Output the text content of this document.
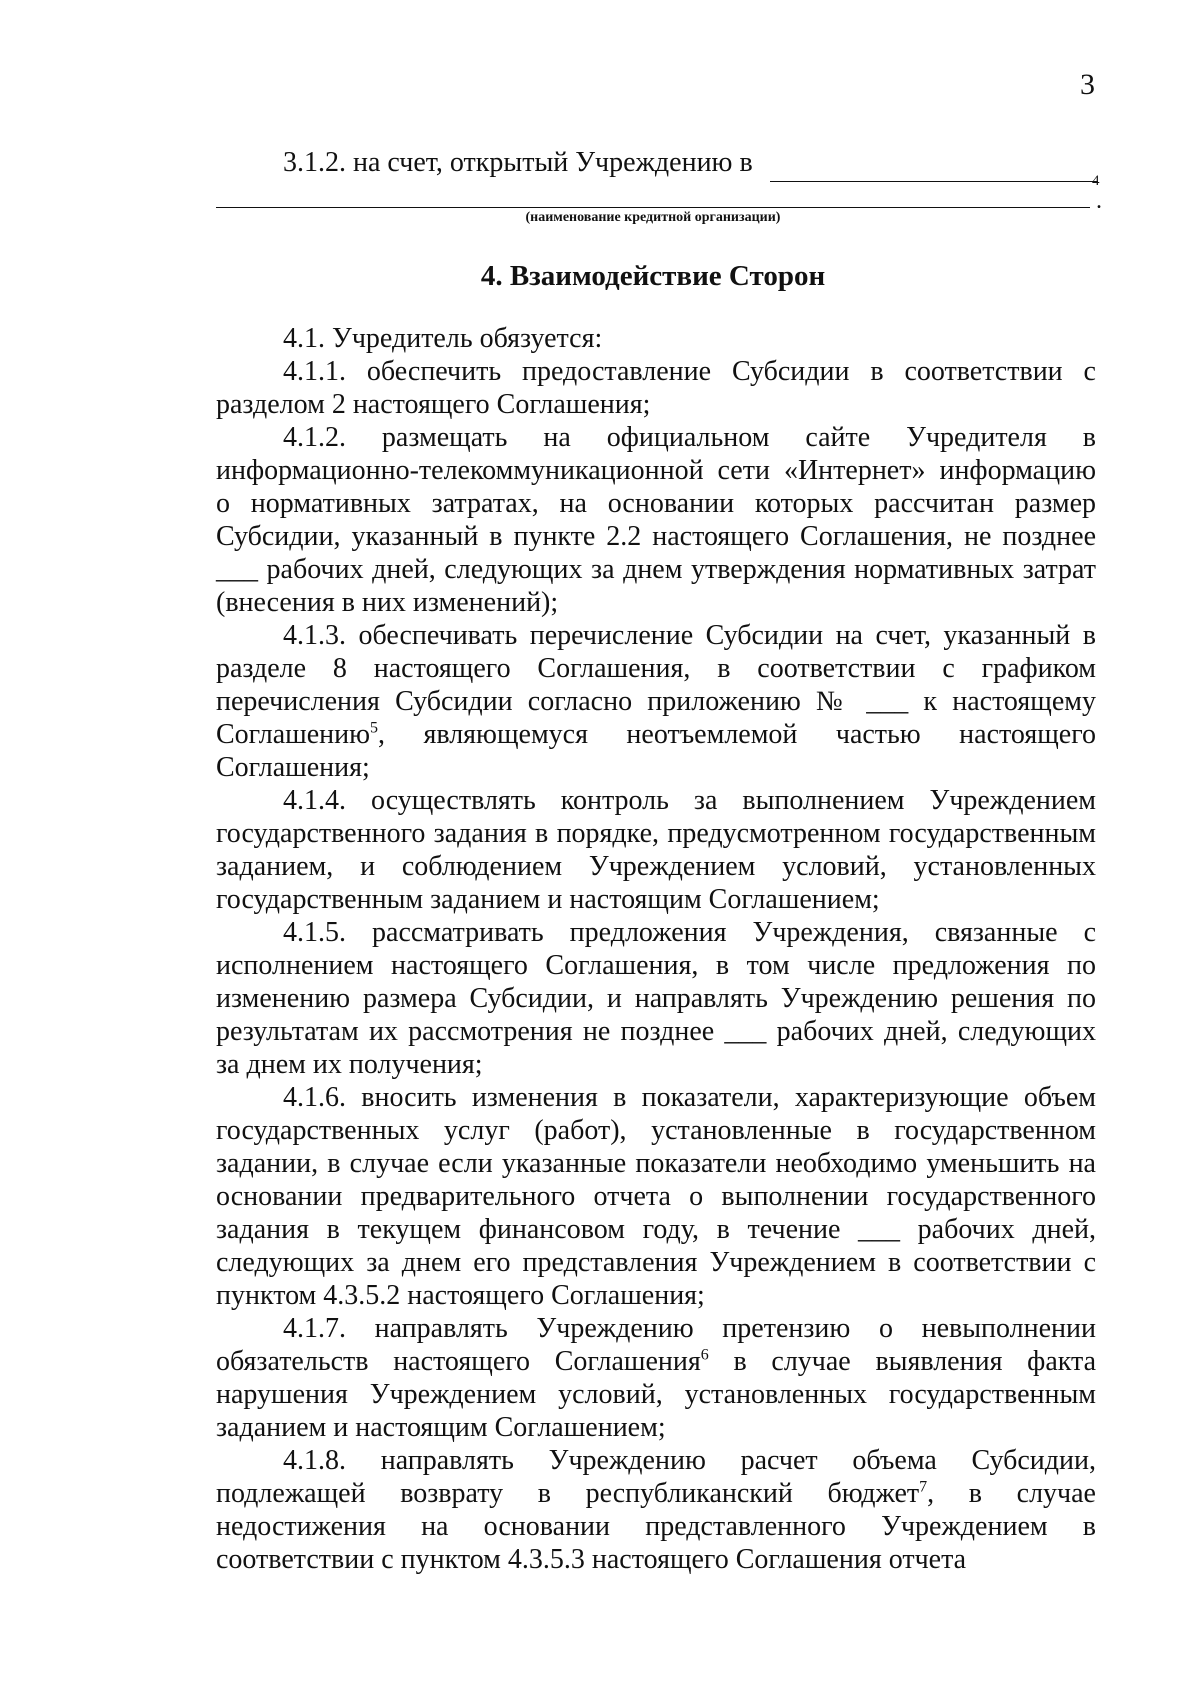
3
3.1.2. на счет, открытый Учреждению в
4
.
(наименование кредитной организации)
4. Взаимодействие Сторон

4.1. Учредитель обязуется:

4.1.1. обеспечить предоставление Субсидии в соответствии с разделом 2 настоящего Соглашения;

4.1.2. размещать на официальном сайте Учредителя в информационно-телекоммуникационной сети «Интернет» информацию о нормативных затратах, на основании которых рассчитан размер Субсидии, указанный в пункте 2.2 настоящего Соглашения, не позднее ___ рабочих дней, следующих за днем утверждения нормативных затрат (внесения в них изменений);

4.1.3. обеспечивать перечисление Субсидии на счет, указанный в разделе 8 настоящего Соглашения, в соответствии с графиком перечисления Субсидии согласно приложению № ___ к настоящему Соглашению$^5$, являющемуся неотъемлемой частью настоящего Соглашения;

4.1.4. осуществлять контроль за выполнением Учреждением государственного задания в порядке, предусмотренном государственным заданием, и соблюдением Учреждением условий, установленных государственным заданием и настоящим Соглашением;

4.1.5. рассматривать предложения Учреждения, связанные с исполнением настоящего Соглашения, в том числе предложения по изменению размера Субсидии, и направлять Учреждению решения по результатам их рассмотрения не позднее ___ рабочих дней, следующих за днем их получения;

4.1.6. вносить изменения в показатели, характеризующие объем государственных услуг (работ), установленные в государственном задании, в случае если указанные показатели необходимо уменьшить на основании предварительного отчета о выполнении государственного задания в текущем финансовом году, в течение ___ рабочих дней, следующих за днем его представления Учреждением в соответствии с пунктом 4.3.5.2 настоящего Соглашения;

4.1.7. направлять Учреждению претензию о невыполнении обязательств настоящего Соглашения$^6$ в случае выявления факта нарушения Учреждением условий, установленных государственным заданием и настоящим Соглашением;

4.1.8. направлять Учреждению расчет объема Субсидии, подлежащей возврату в республиканский бюджет$^7$, в случае недостижения на основании представленного Учреждением в соответствии с пунктом 4.3.5.3 настоящего Соглашения отчета
